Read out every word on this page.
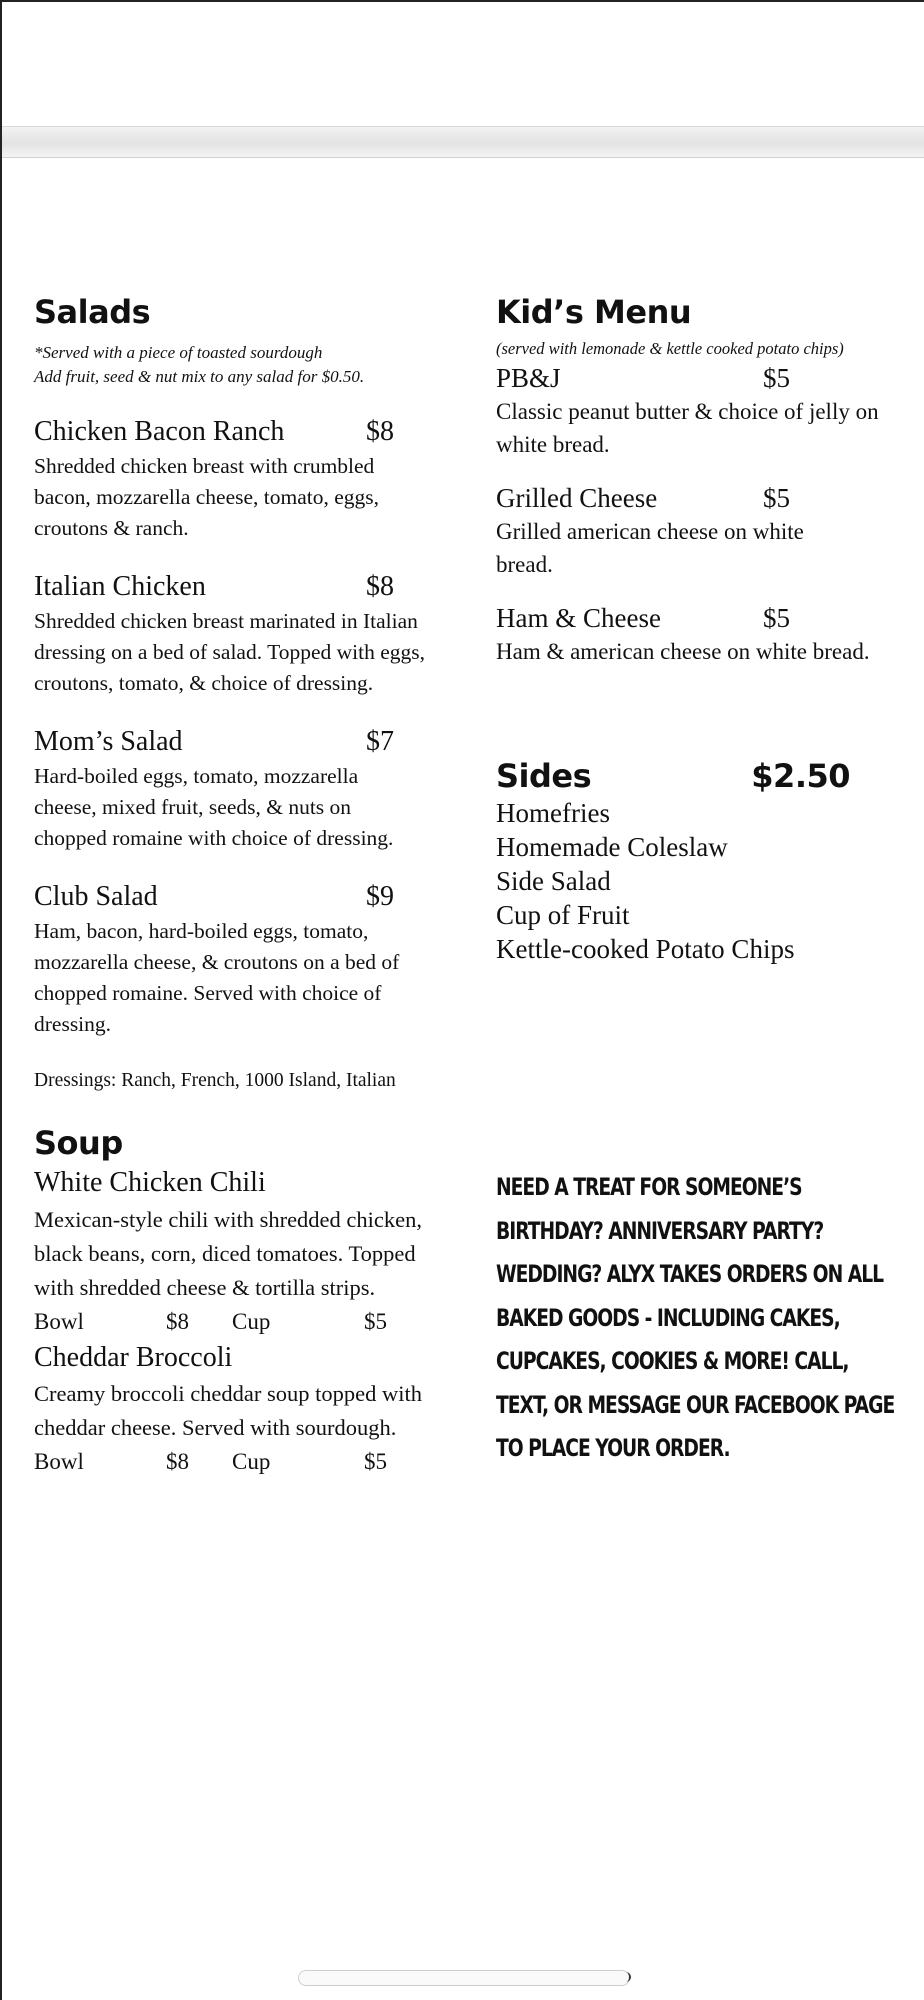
Salads
*Served with a piece of toasted sourdough
Add fruit, seed & nut mix to any salad for $0.50.
Chicken Bacon Ranch	$8
Shredded chicken breast with crumbled bacon, mozzarella cheese, tomato, eggs, croutons & ranch.
Italian Chicken	$8
Shredded chicken breast marinated in Italian dressing on a bed of salad. Topped with eggs, croutons, tomato, & choice of dressing.
Mom’s Salad	$7
Hard-boiled eggs, tomato, mozzarella cheese, mixed fruit, seeds, & nuts on chopped romaine with choice of dressing.
Club Salad	$9
Ham, bacon, hard-boiled eggs, tomato, mozzarella cheese, & croutons on a bed of chopped romaine. Served with choice of dressing.
Dressings: Ranch, French, 1000 Island, Italian
Soup
White Chicken Chili
Mexican-style chili with shredded chicken, black beans, corn, diced tomatoes. Topped with shredded cheese & tortilla strips.
Bowl	$8	Cup	$5
Cheddar Broccoli
Creamy broccoli cheddar soup topped with cheddar cheese. Served with sourdough.
Bowl	$8	Cup	$5
Kid’s Menu
(served with lemonade & kettle cooked potato chips)
PB&J	$5
Classic peanut butter & choice of jelly on white bread.
Grilled Cheese	$5
Grilled american cheese on white bread.
Ham & Cheese	$5
Ham & american cheese on white bread.
Sides	$2.50
Homefries
Homemade Coleslaw
Side Salad
Cup of Fruit
Kettle-cooked Potato Chips
NEED A TREAT FOR SOMEONE’S BIRTHDAY? ANNIVERSARY PARTY? WEDDING? ALYX TAKES ORDERS ON ALL BAKED GOODS - INCLUDING CAKES, CUPCAKES, COOKIES & MORE! CALL, TEXT, OR MESSAGE OUR FACEBOOK PAGE TO PLACE YOUR ORDER.
